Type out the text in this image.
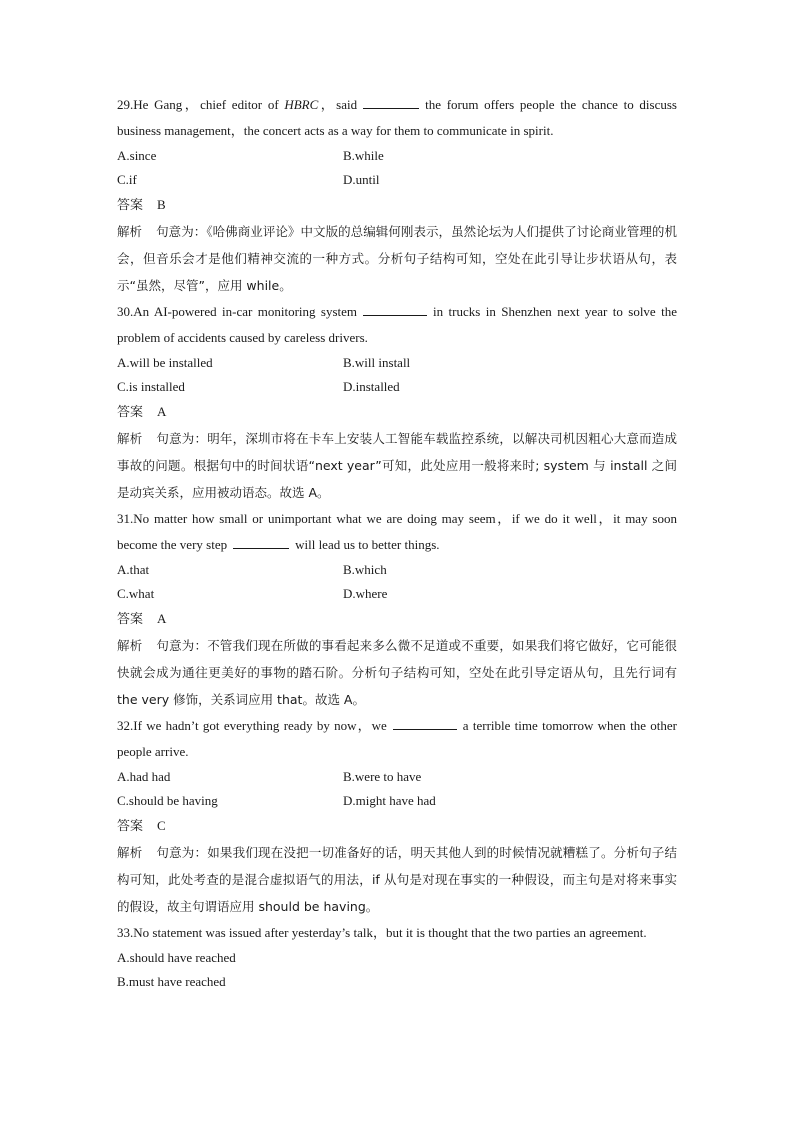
29.He Gang，chief editor of HBRC，said	the forum offers people the chance to discuss business management，the concert acts as a way for them to communicate in spirit.
A.since	B.while
C.if	D.until
答案 B
解析 句意为：《哈佛商业评论》中文版的总编辑何刚表示，虽然论坛为人们提供了讨论商业管理的机会，但音乐会才是他们精神交流的一种方式。分析句子结构可知，空处在此引导让步状语从句，表示“虽然，尽管”，应用 while。
30.An AI-powered in-car monitoring system	in trucks in Shenzhen next year to solve the problem of accidents caused by careless drivers.
A.will be installed	B.will install
C.is installed	D.installed
答案 A
解析 句意为：明年，深圳市将在卡车上安装人工智能车载监控系统，以解决司机因粗心大意而造成事故的问题。根据句中的时间状语“next year”可知，此处应用一般将来时; system 与 install 之间是动宾关系，应用被动语态。故选 A。
31.No matter how small or unimportant what we are doing may seem，if we do it well，it may soon become the very step	will lead us to better things.
A.that	B.which
C.what	D.where
答案 A
解析 句意为：不管我们现在所做的事看起来多么微不足道或不重要，如果我们将它做好，它可能很快就会成为通往更美好的事物的踏石阶。分析句子结构可知，空处在此引导定语从句，且先行词有 the very 修饰，关系词应用 that。故选 A。
32.If we hadn’t got everything ready by now，we	a terrible time tomorrow when the other people arrive.
A.had had	B.were to have
C.should be having	D.might have had
答案 C
解析 句意为：如果我们现在没把一切准备好的话，明天其他人到的时候情况就糟糕了。分析句子结构可知，此处考查的是混合虚拟语气的用法，if 从句是对现在事实的一种假设，而主句是对将来事实的假设，故主句谓语应用 should be having。
33.No statement was issued after yesterday’s talk，but it is thought that the two parties an agreement.
A.should have reached
B.must have reached
